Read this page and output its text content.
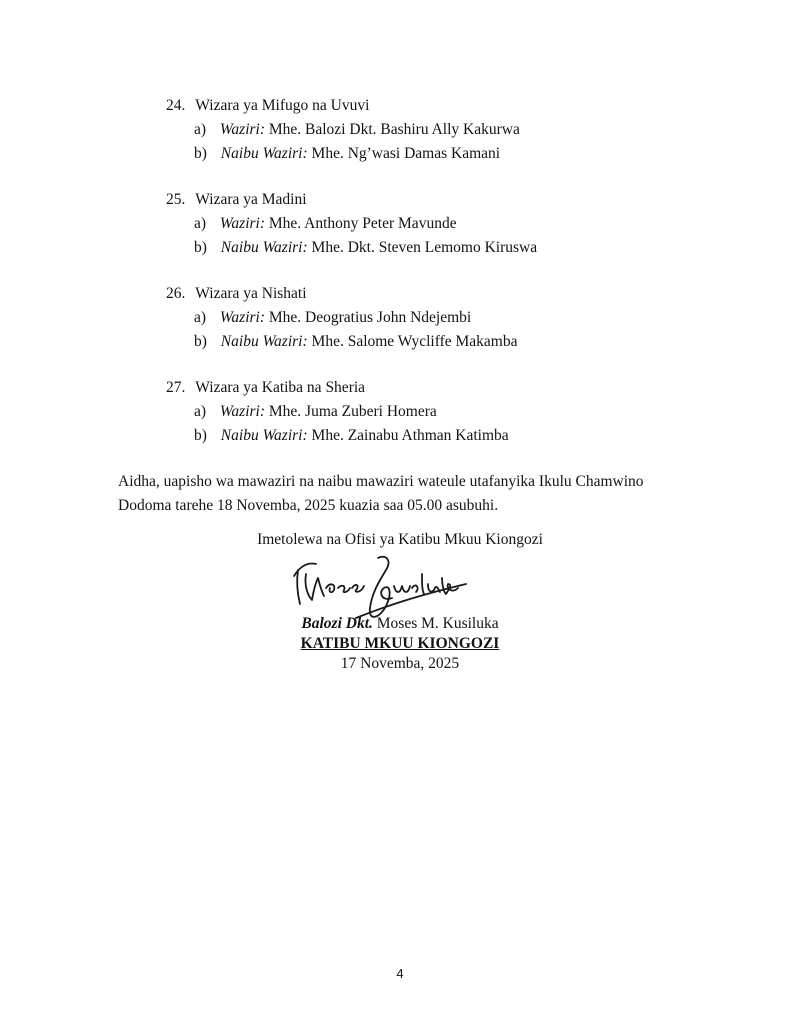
24. Wizara ya Mifugo na Uvuvi
a) Waziri: Mhe. Balozi Dkt. Bashiru Ally Kakurwa
b) Naibu Waziri: Mhe. Ng’wasi Damas Kamani
25. Wizara ya Madini
a) Waziri: Mhe. Anthony Peter Mavunde
b) Naibu Waziri: Mhe. Dkt. Steven Lemomo Kiruswa
26. Wizara ya Nishati
a) Waziri: Mhe. Deogratius John Ndejembi
b) Naibu Waziri: Mhe. Salome Wycliffe Makamba
27. Wizara ya Katiba na Sheria
a) Waziri: Mhe. Juma Zuberi Homera
b) Naibu Waziri: Mhe. Zainabu Athman Katimba
Aidha, uapisho wa mawaziri na naibu mawaziri wateule utafanyika Ikulu Chamwino
Dodoma tarehe 18 Novemba, 2025 kuazia saa 05.00 asubuhi.
Imetolewa na Ofisi ya Katibu Mkuu Kiongozi
Balozi Dkt. Moses M. Kusiluka
KATIBU MKUU KIONGOZI
17 Novemba, 2025
4
